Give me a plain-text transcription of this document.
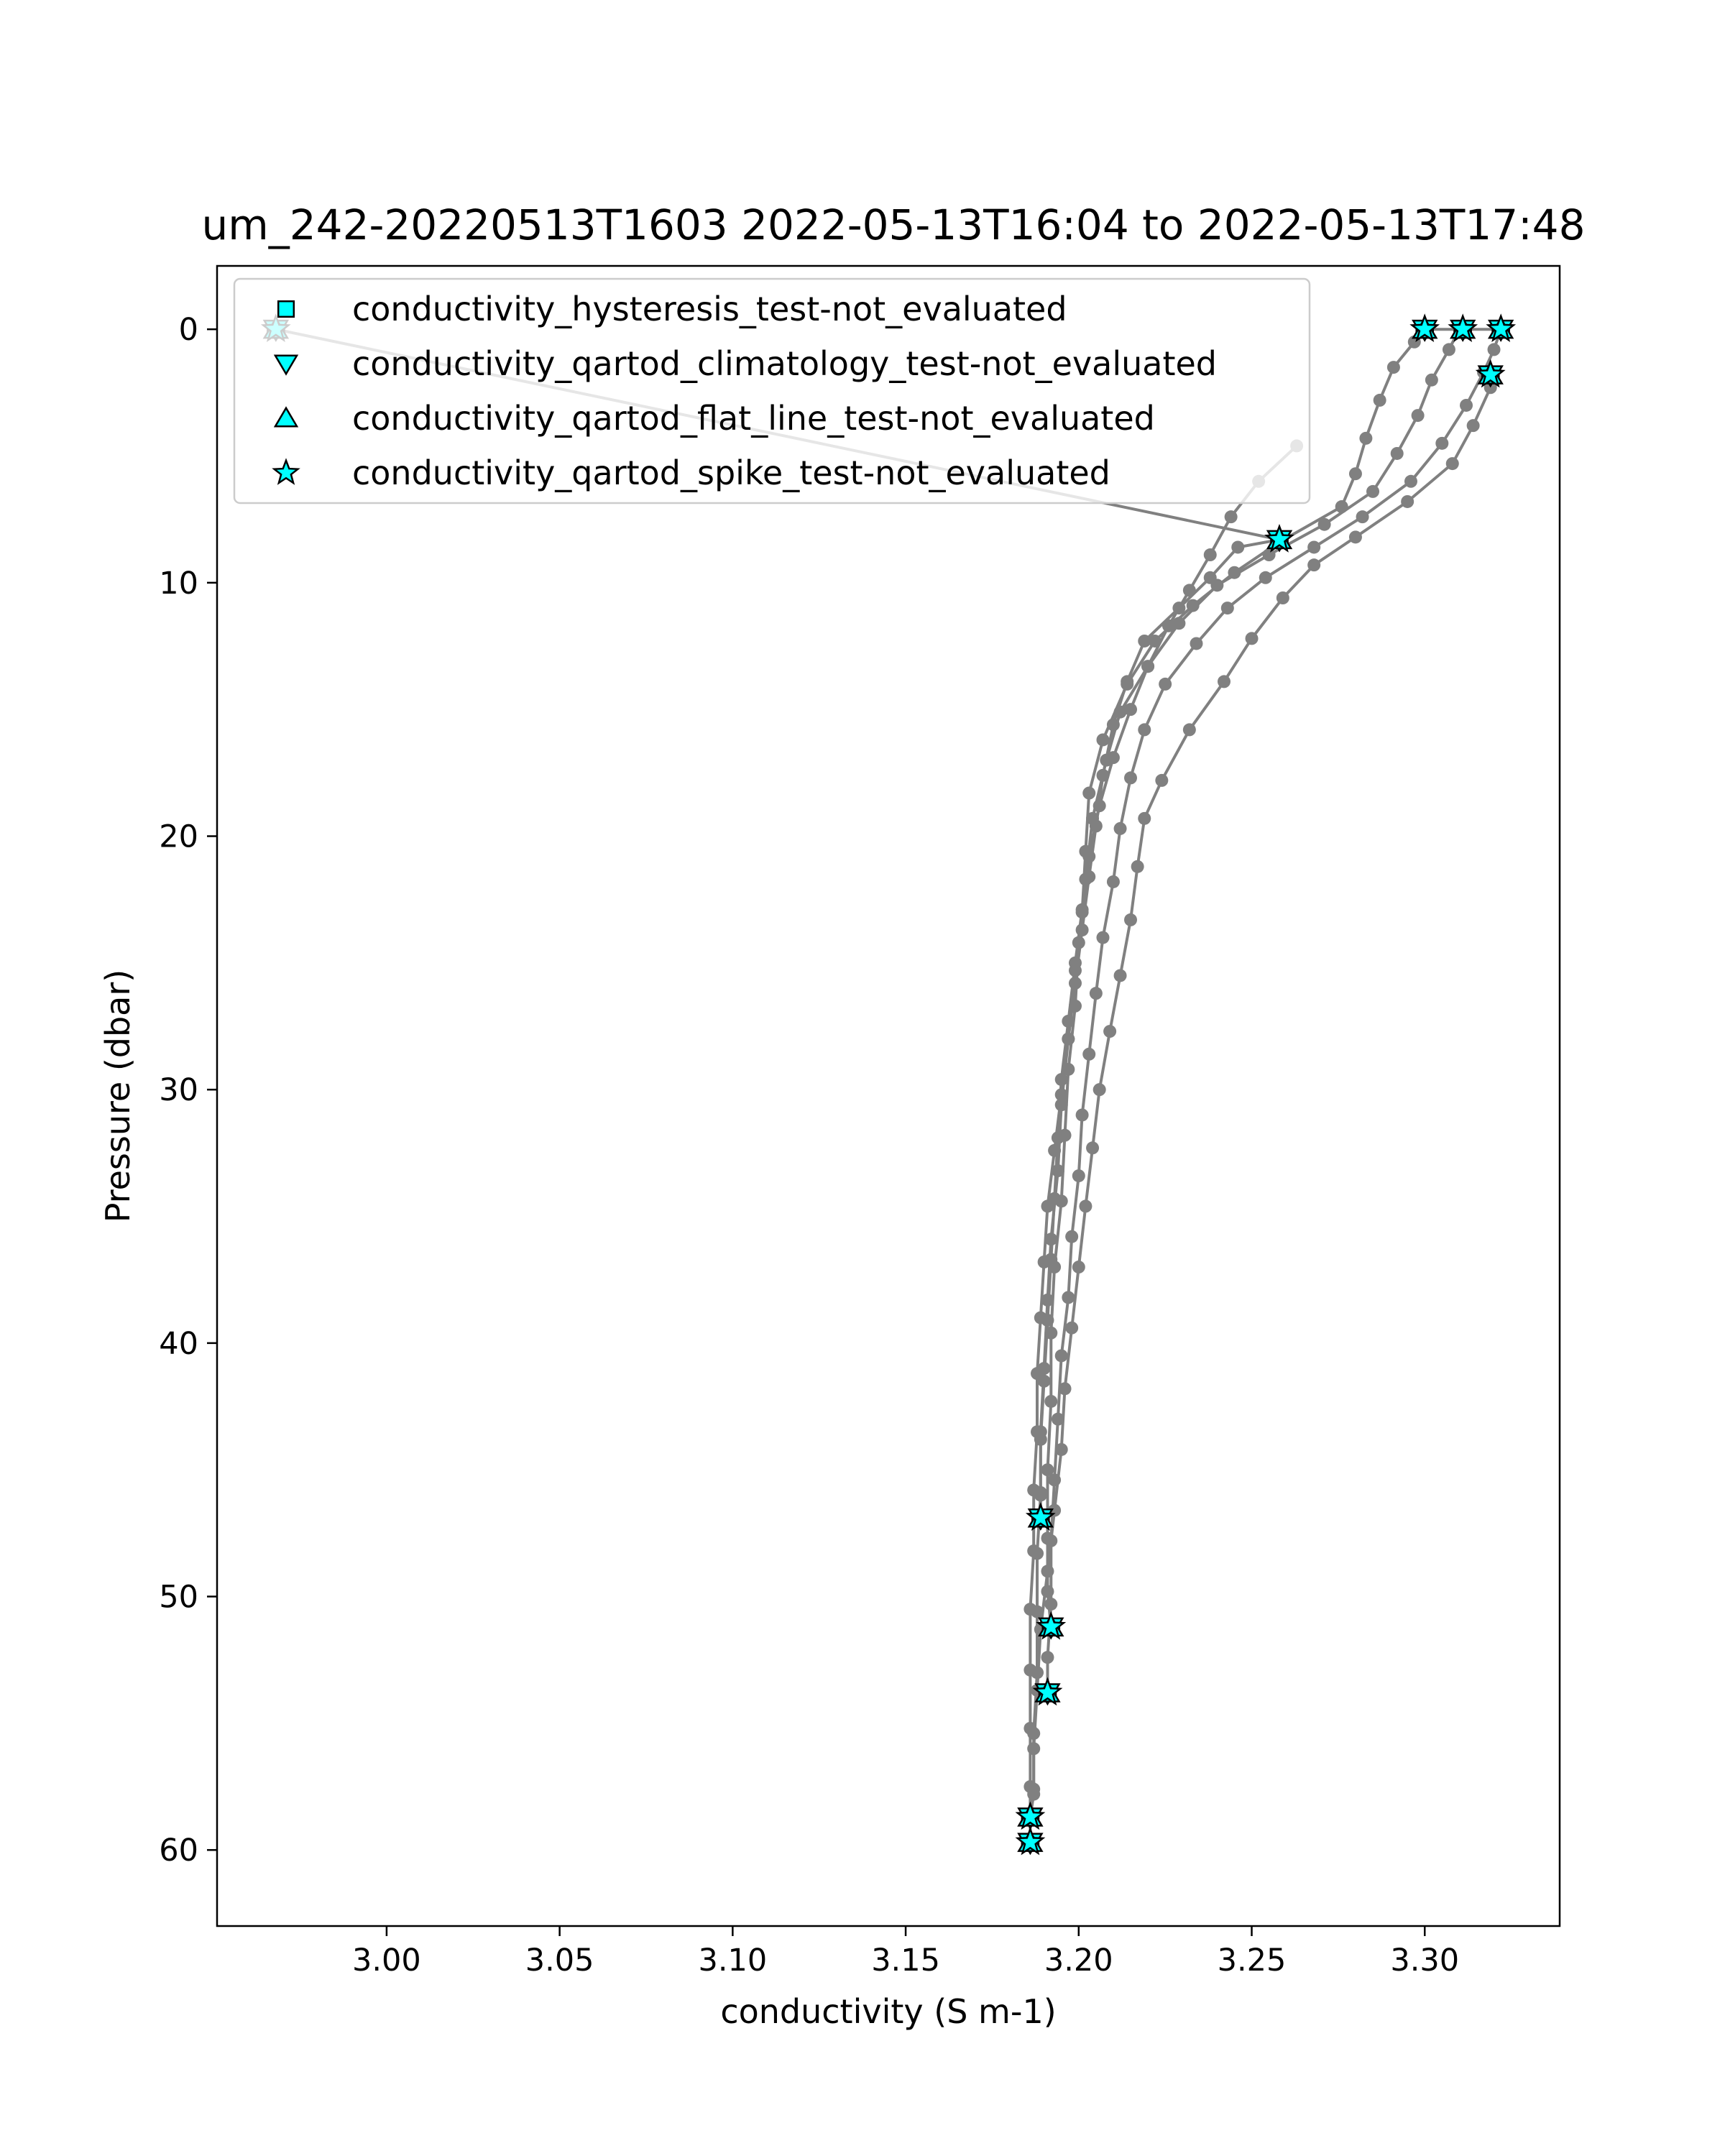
um_242-20220513T1603 2022-05-13T16:04 to 2022-05-13T17:48
3.00	3.05	3.10	3.15	3.20	3.25	3.30
0
10
20
30
40
50
60
conductivity (S m-1)
Pressure (dbar)
conductivity_hysteresis_test-not_evaluated
conductivity_qartod_climatology_test-not_evaluated
conductivity_qartod_flat_line_test-not_evaluated
conductivity_qartod_spike_test-not_evaluated
